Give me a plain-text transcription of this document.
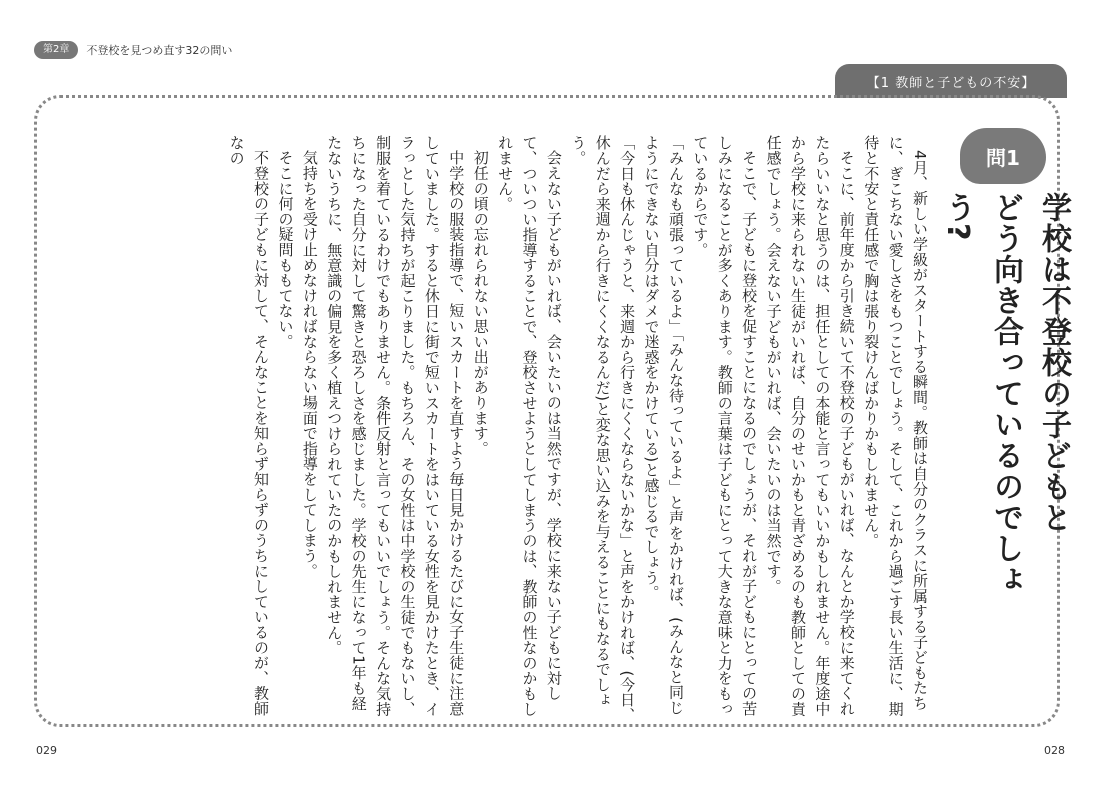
第2章	不登校を見つめ直す32の問い
【1 教師と子どもの不安】
問1
学校は不登校の子どもと
どう向き合っているのでしょう?

4月、新しい学級がスタートする瞬間。教師は自分のクラスに所属する子どもたちに、ぎこちない愛しさをもつことでしょう。そして、これから過ごす長い生活に、期待と不安と責任感で胸は張り裂けんばかりかもしれません。

そこに、前年度から引き続いて不登校の子どもがいれば、なんとか学校に来てくれたらいいなと思うのは、担任としての本能と言ってもいいかもしれません。年度途中から学校に来られない生徒がいれば、自分のせいかもと青ざめるのも教師としての責任感でしょう。会えない子どもがいれば、会いたいのは当然です。

そこで、子どもに登校を促すことになるのでしょうが、それが子どもにとっての苦しみになることが多くあります。教師の言葉は子どもにとって大きな意味と力をもっているからです。

「みんなも頑張っているよ」「みんな待っているよ」と声をかければ、(みんなと同じようにできない自分はダメで迷惑をかけている)と感じるでしょう。

「今日も休んじゃうと、来週から行きにくくならないかな」と声をかければ、(今日、休んだら来週から行きにくくなるんだ)と変な思い込みを与えることにもなるでしょう。

会えない子どもがいれば、会いたいのは当然ですが、学校に来ない子どもに対して、ついつい指導することで、登校させようとしてしまうのは、教師の性なのかもしれません。

初任の頃の忘れられない思い出があります。

中学校の服装指導で、短いスカートを直すよう毎日見かけるたびに女子生徒に注意していました。すると休日に街で短いスカートをはいている女性を見かけたとき、イラっとした気持ちが起こりました。もちろん、その女性は中学校の生徒でもないし、制服を着ているわけでもありません。条件反射と言ってもいいでしょう。そんな気持ちになった自分に対して驚きと恐ろしさを感じました。学校の先生になって1年も経たないうちに、無意識の偏見を多く植えつけられていたのかもしれません。

気持ちを受け止めなければならない場面で指導をしてしまう。

そこに何の疑問ももてない。

不登校の子どもに対して、そんなことを知らず知らずのうちにしているのが、教師なの

029	028
